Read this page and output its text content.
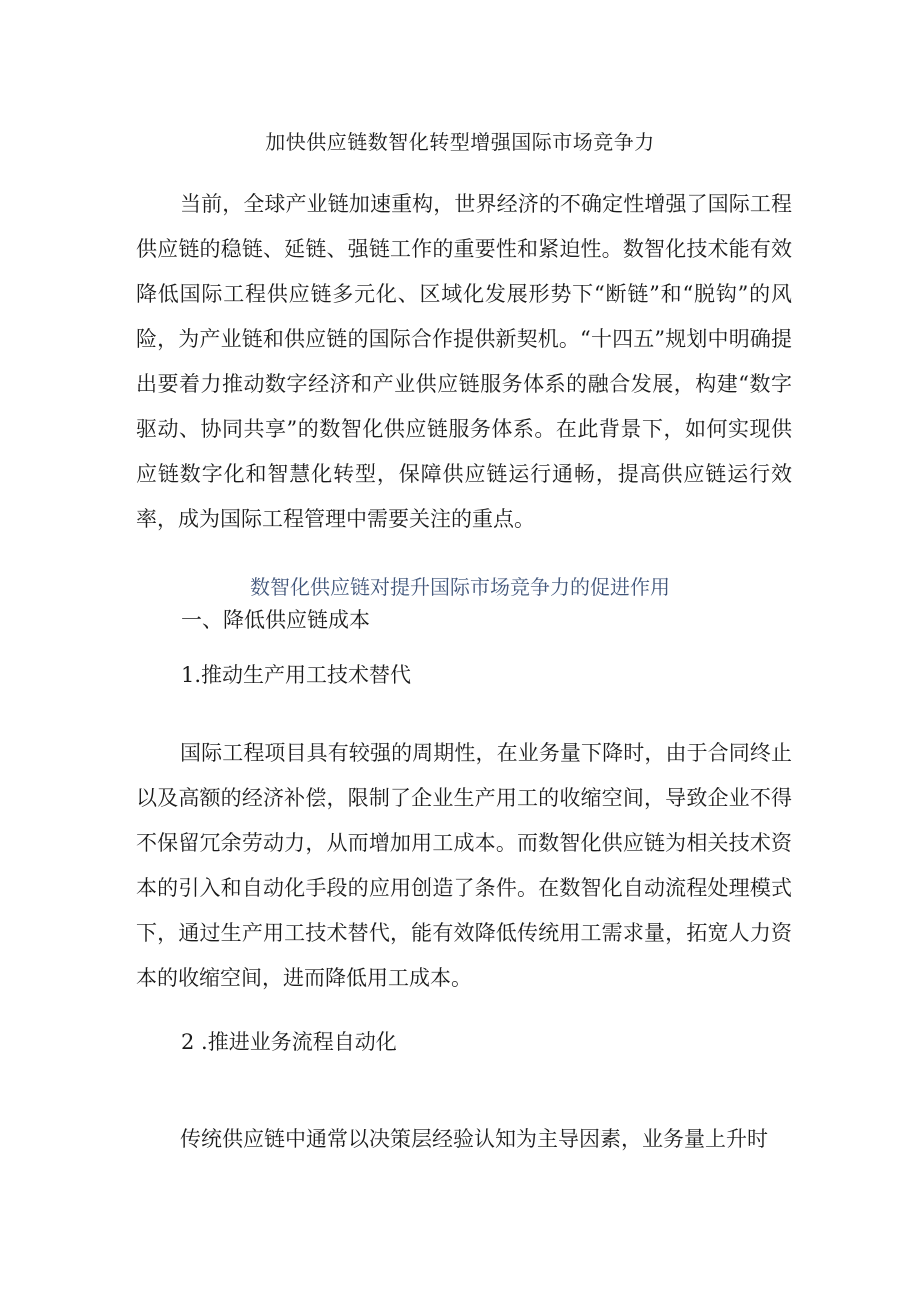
加快供应链数智化转型增强国际市场竞争力

当前，全球产业链加速重构，世界经济的不确定性增强了国际工程供应链的稳链、延链、强链工作的重要性和紧迫性。数智化技术能有效降低国际工程供应链多元化、区域化发展形势下“断链”和“脱钩”的风险，为产业链和供应链的国际合作提供新契机。“十四五”规划中明确提出要着力推动数字经济和产业供应链服务体系的融合发展，构建“数字驱动、协同共享”的数智化供应链服务体系。在此背景下，如何实现供应链数字化和智慧化转型，保障供应链运行通畅，提高供应链运行效率，成为国际工程管理中需要关注的重点。

数智化供应链对提升国际市场竞争力的促进作用
一、降低供应链成本
1.推动生产用工技术替代

国际工程项目具有较强的周期性，在业务量下降时，由于合同终止以及高额的经济补偿，限制了企业生产用工的收缩空间，导致企业不得不保留冗余劳动力，从而增加用工成本。而数智化供应链为相关技术资本的引入和自动化手段的应用创造了条件。在数智化自动流程处理模式下，通过生产用工技术替代，能有效降低传统用工需求量，拓宽人力资本的收缩空间，进而降低用工成本。

2 .推进业务流程自动化

传统供应链中通常以决策层经验认知为主导因素，业务量上升时
